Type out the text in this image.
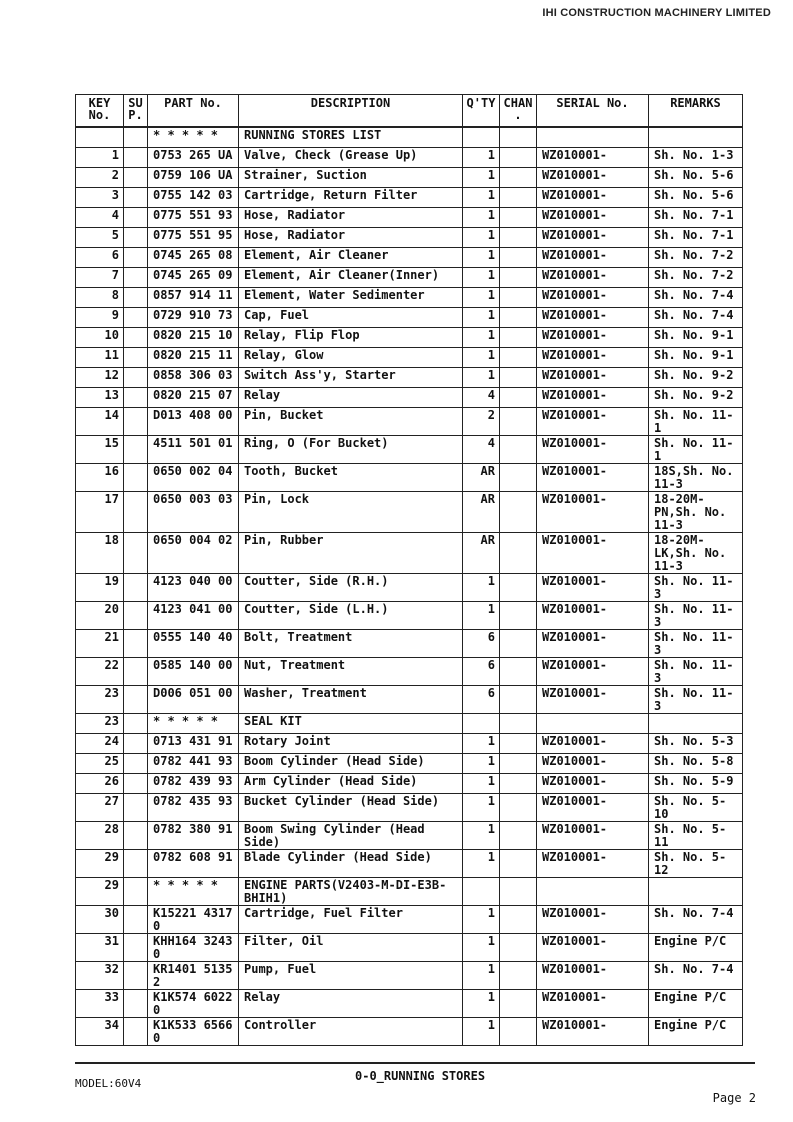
IHI CONSTRUCTION MACHINERY LIMITED
KEY No.	SU P.	PART No.	DESCRIPTION	Q'TY	CHAN .	SERIAL No.	REMARKS
		* * * * *	RUNNING STORES LIST				
1		0753 265 UA	Valve, Check (Grease Up)	1		WZ010001-	Sh. No. 1-3
2		0759 106 UA	Strainer, Suction	1		WZ010001-	Sh. No. 5-6
3		0755 142 03	Cartridge, Return Filter	1		WZ010001-	Sh. No. 5-6
4		0775 551 93	Hose, Radiator	1		WZ010001-	Sh. No. 7-1
5		0775 551 95	Hose, Radiator	1		WZ010001-	Sh. No. 7-1
6		0745 265 08	Element, Air Cleaner	1		WZ010001-	Sh. No. 7-2
7		0745 265 09	Element, Air Cleaner(Inner)	1		WZ010001-	Sh. No. 7-2
8		0857 914 11	Element, Water Sedimenter	1		WZ010001-	Sh. No. 7-4
9		0729 910 73	Cap, Fuel	1		WZ010001-	Sh. No. 7-4
10		0820 215 10	Relay, Flip Flop	1		WZ010001-	Sh. No. 9-1
11		0820 215 11	Relay, Glow	1		WZ010001-	Sh. No. 9-1
12		0858 306 03	Switch Ass'y, Starter	1		WZ010001-	Sh. No. 9-2
13		0820 215 07	Relay	4		WZ010001-	Sh. No. 9-2
14		D013 408 00	Pin, Bucket	2		WZ010001-	Sh. No. 11-1
15		4511 501 01	Ring, O (For Bucket)	4		WZ010001-	Sh. No. 11-1
16		0650 002 04	Tooth, Bucket	AR		WZ010001-	18S,Sh. No. 11-3
17		0650 003 03	Pin, Lock	AR		WZ010001-	18-20M-PN,Sh. No. 11-3
18		0650 004 02	Pin, Rubber	AR		WZ010001-	18-20M-LK,Sh. No. 11-3
19		4123 040 00	Coutter, Side (R.H.)	1		WZ010001-	Sh. No. 11-3
20		4123 041 00	Coutter, Side (L.H.)	1		WZ010001-	Sh. No. 11-3
21		0555 140 40	Bolt, Treatment	6		WZ010001-	Sh. No. 11-3
22		0585 140 00	Nut, Treatment	6		WZ010001-	Sh. No. 11-3
23		D006 051 00	Washer, Treatment	6		WZ010001-	Sh. No. 11-3
23		* * * * *	SEAL KIT				
24		0713 431 91	Rotary Joint	1		WZ010001-	Sh. No. 5-3
25		0782 441 93	Boom Cylinder (Head Side)	1		WZ010001-	Sh. No. 5-8
26		0782 439 93	Arm Cylinder (Head Side)	1		WZ010001-	Sh. No. 5-9
27		0782 435 93	Bucket Cylinder (Head Side)	1		WZ010001-	Sh. No. 5-10
28		0782 380 91	Boom Swing Cylinder (Head Side)	1		WZ010001-	Sh. No. 5-11
29		0782 608 91	Blade Cylinder (Head Side)	1		WZ010001-	Sh. No. 5-12
29		* * * * *	ENGINE PARTS(V2403-M-DI-E3B-BHIH1)				
30		K15221 4317 0	Cartridge, Fuel Filter	1		WZ010001-	Sh. No. 7-4
31		KHH164 3243 0	Filter, Oil	1		WZ010001-	Engine P/C
32		KR1401 5135 2	Pump, Fuel	1		WZ010001-	Sh. No. 7-4
33		K1K574 6022 0	Relay	1		WZ010001-	Engine P/C
34		K1K533 6566 0	Controller	1		WZ010001-	Engine P/C
0-0_RUNNING STORES
MODEL:60V4
Page 2
